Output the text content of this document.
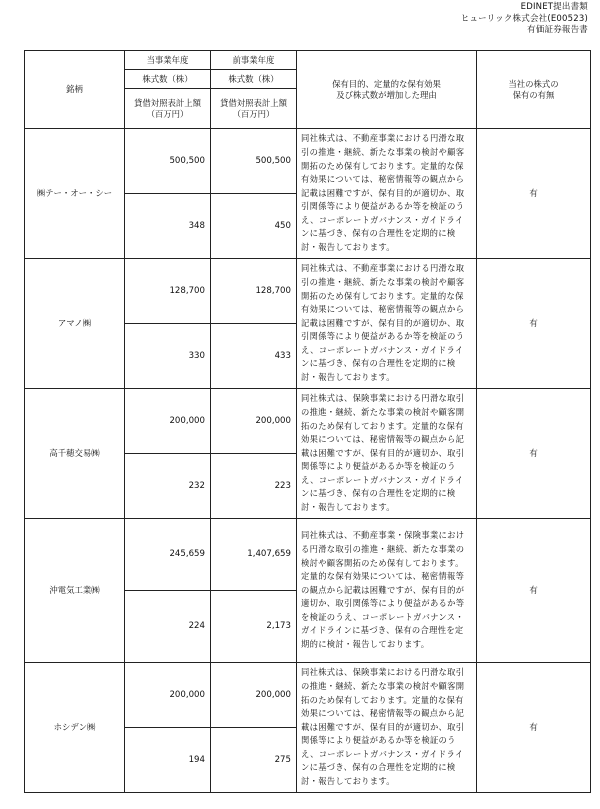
EDINET提出書類
ヒューリック株式会社(E00523)
有価証券報告書
銘柄	当事業年度	前事業年度	保有目的、定量的な保有効果
及び株式数が増加した理由	当社の株式の
保有の有無
	株式数（株）	株式数（株）		
	貸借対照表計上額
（百万円）	貸借対照表計上額
（百万円）		
㈱テー・オー・シー	500,500	500,500	同社株式は、不動産事業における円滑な取引の推進・継続、新たな事業の検討や顧客開拓のため保有しております。定量的な保有効果については、秘密情報等の観点から記載は困難ですが、保有目的が適切か、取引関係等により便益があるか等を検証のうえ、コーポレートガバナンス・ガイドラインに基づき、保有の合理性を定期的に検討・報告しております。	有
	348	450		
アマノ㈱	128,700	128,700	同社株式は、不動産事業における円滑な取引の推進・継続、新たな事業の検討や顧客開拓のため保有しております。定量的な保有効果については、秘密情報等の観点から記載は困難ですが、保有目的が適切か、取引関係等により便益があるか等を検証のうえ、コーポレートガバナンス・ガイドラインに基づき、保有の合理性を定期的に検討・報告しております。	有
	330	433		
高千穂交易㈱	200,000	200,000	同社株式は、保険事業における円滑な取引の推進・継続、新たな事業の検討や顧客開拓のため保有しております。定量的な保有効果については、秘密情報等の観点から記載は困難ですが、保有目的が適切か、取引関係等により便益があるか等を検証のうえ、コーポレートガバナンス・ガイドラインに基づき、保有の合理性を定期的に検討・報告しております。	有
	232	223		
沖電気工業㈱	245,659	1,407,659	同社株式は、不動産事業・保険事業における円滑な取引の推進・継続、新たな事業の検討や顧客開拓のため保有しております。定量的な保有効果については、秘密情報等の観点から記載は困難ですが、保有目的が適切か、取引関係等により便益があるか等を検証のうえ、コーポレートガバナンス・ガイドラインに基づき、保有の合理性を定期的に検討・報告しております。	有
	224	2,173		
ホシデン㈱	200,000	200,000	同社株式は、保険事業における円滑な取引の推進・継続、新たな事業の検討や顧客開拓のため保有しております。定量的な保有効果については、秘密情報等の観点から記載は困難ですが、保有目的が適切か、取引関係等により便益があるか等を検証のうえ、コーポレートガバナンス・ガイドラインに基づき、保有の合理性を定期的に検討・報告しております。	有
	194	275		
